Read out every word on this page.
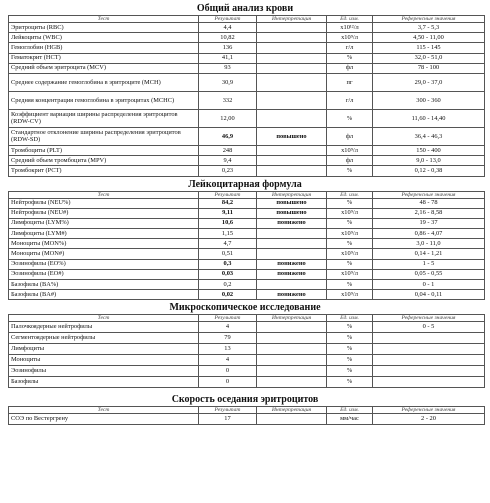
Общий анализ крови
Тест	Результат	Интерпретация	Ед. изм.	Референсные значения
Эритроциты (RBC)	4,4		x10¹²/л	3,7 - 5,3
Лейкоциты (WBC)	10,82		x10⁹/л	4,50 - 11,00
Гемоглобин (HGB)	136		г/л	115 - 145
Гематокрит (HCT)	41,1		%	32,0 - 51,0
Средний объем эритроцита (MCV)	93		фл	78 - 100
Среднее содержание гемоглобина в эритроците (MCH)	30,9		пг	29,0 - 37,0
Средняя концентрация гемоглобина в эритроцитах (MCHC)	332		г/л	300 - 360
Коэффициент вариации ширины распределения эритроцитов (RDW-CV)	12,00		%	11,60 - 14,40
Стандартное отклонение ширины распределения эритроцитов (RDW-SD)	46,9	повышено	фл	36,4 - 46,3
Тромбоциты (PLT)	248		x10⁹/л	150 - 400
Средний объем тромбоцита (MPV)	9,4		фл	9,0 - 13,0
Тромбокрит (PCT)	0,23		%	0,12 - 0,38
Лейкоцитарная формула
Тест	Результат	Интерпретация	Ед. изм.	Референсные значения
Нейтрофилы (NEU%)	84,2	повышено	%	48 - 78
Нейтрофилы (NEU#)	9,11	повышено	x10⁹/л	2,16 - 8,58
Лимфоциты (LYM%)	10,6	понижено	%	19 - 37
Лимфоциты (LYM#)	1,15		x10⁹/л	0,86 - 4,07
Моноциты (MON%)	4,7		%	3,0 - 11,0
Моноциты (MON#)	0,51		x10⁹/л	0,14 - 1,21
Эозинофилы (EO%)	0,3	понижено	%	1 - 5
Эозинофилы (EO#)	0,03	понижено	x10⁹/л	0,05 - 0,55
Базофилы (BA%)	0,2		%	0 - 1
Базофилы (BA#)	0,02	понижено	x10⁹/л	0,04 - 0,11
Микроскопическое исследование
Тест	Результат	Интерпретация	Ед. изм.	Референсные значения
Палочкоядерные нейтрофилы	4		%	0 - 5
Сегментоядерные нейтрофилы	79		%	
Лимфоциты	13		%	
Моноциты	4		%	
Эозинофилы	0		%	
Базофилы	0		%	
Скорость оседания эритроцитов
Тест	Результат	Интерпретация	Ед. изм.	Референсные значения
СОЭ по Вестергрену	17		мм/час	2 - 20
